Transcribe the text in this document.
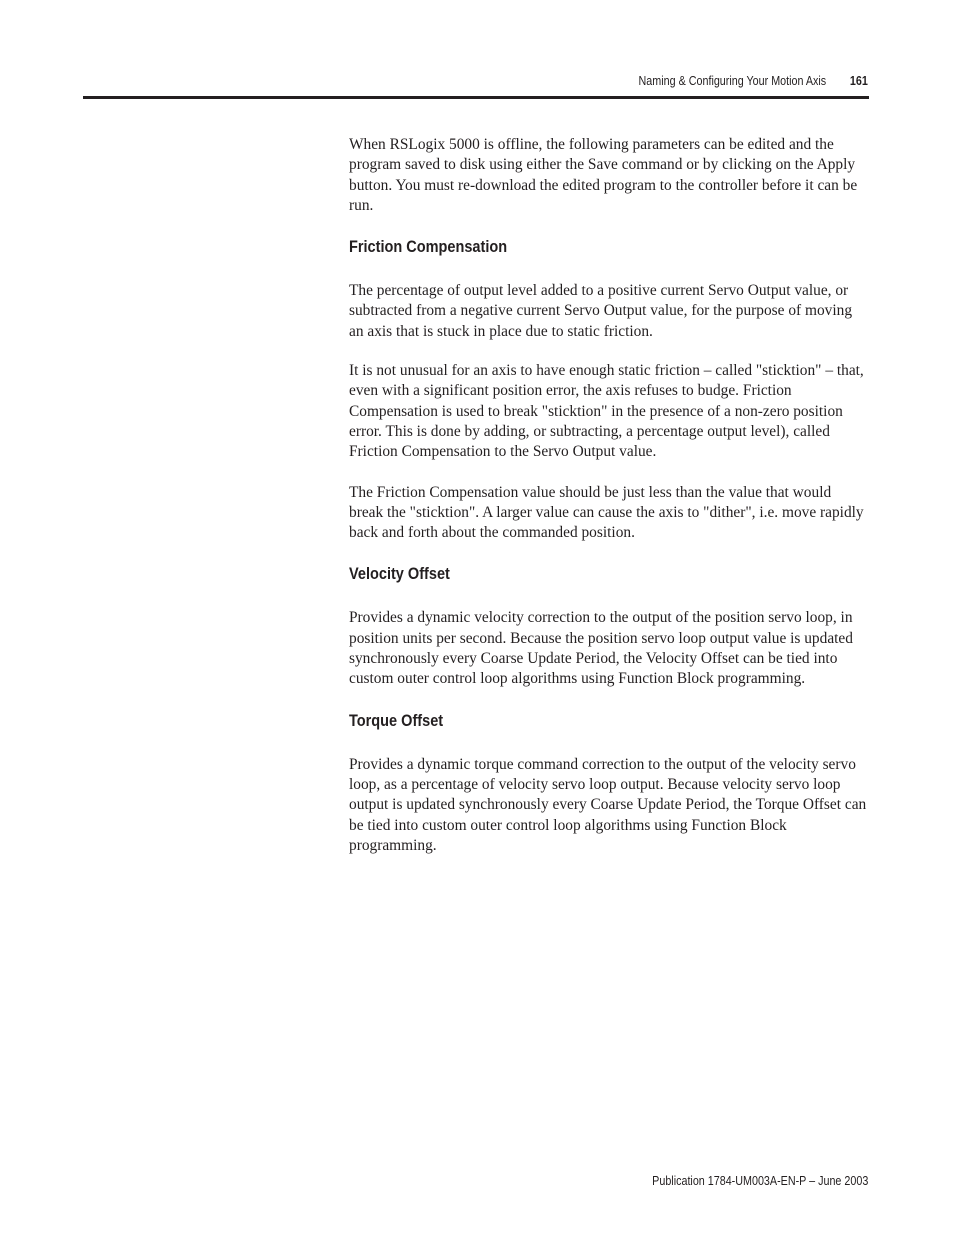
Naming & Configuring Your Motion Axis 161

When RSLogix 5000 is offline, the following parameters can be edited and the program saved to disk using either the Save command or by clicking on the Apply button. You must re-download the edited program to the controller before it can be run.

Friction Compensation

The percentage of output level added to a positive current Servo Output value, or subtracted from a negative current Servo Output value, for the purpose of moving an axis that is stuck in place due to static friction.

It is not unusual for an axis to have enough static friction – called "sticktion" – that, even with a significant position error, the axis refuses to budge. Friction Compensation is used to break "sticktion" in the presence of a non-zero position error. This is done by adding, or subtracting, a percentage output level), called Friction Compensation to the Servo Output value.

The Friction Compensation value should be just less than the value that would break the "sticktion". A larger value can cause the axis to "dither", i.e. move rapidly back and forth about the commanded position.

Velocity Offset

Provides a dynamic velocity correction to the output of the position servo loop, in position units per second. Because the position servo loop output value is updated synchronously every Coarse Update Period, the Velocity Offset can be tied into custom outer control loop algorithms using Function Block programming.

Torque Offset

Provides a dynamic torque command correction to the output of the velocity servo loop, as a percentage of velocity servo loop output. Because velocity servo loop output is updated synchronously every Coarse Update Period, the Torque Offset can be tied into custom outer control loop algorithms using Function Block programming.

Publication 1784-UM003A-EN-P – June 2003
